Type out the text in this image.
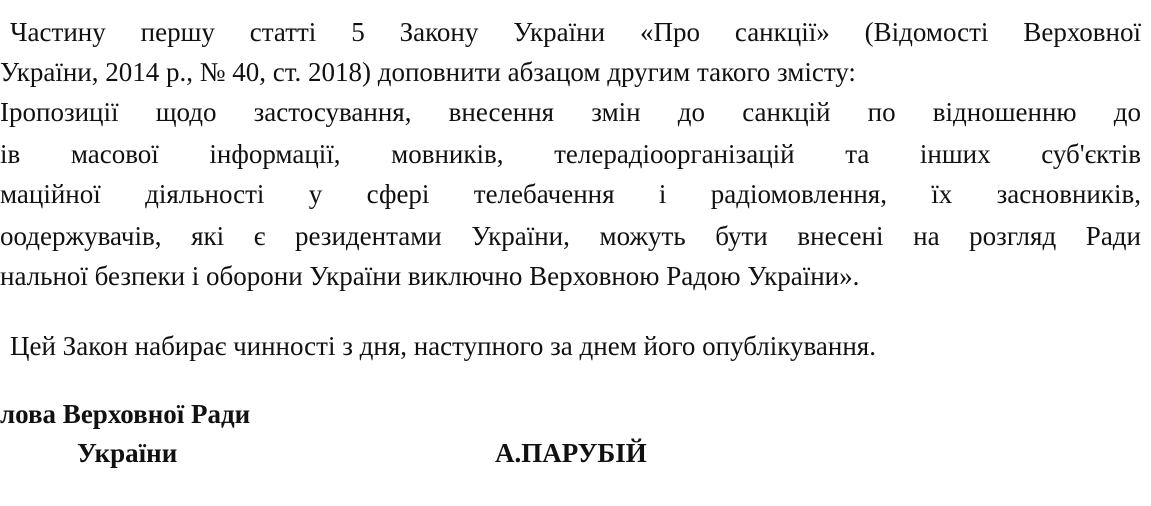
Частину першу статті 5 Закону України «Про санкції» (Відомості Верховної
України, 2014 р., № 40, ст. 2018) доповнити абзацом другим такого змісту:
Іропозиції щодо застосування, внесення змін до санкцій по відношенню до
ів масової інформації, мовників, телерадіоорганізацій та інших суб'єктів
маційної діяльності у сфері телебачення і радіомовлення, їх засновників,
оодержувачів, які є резидентами України, можуть бути внесені на розгляд Ради
нальної безпеки і оборони України виключно Верховною Радою України».
Цей Закон набирає чинності з дня, наступного за днем його опублікування.
лова Верховної Ради
України	А.ПАРУБІЙ
